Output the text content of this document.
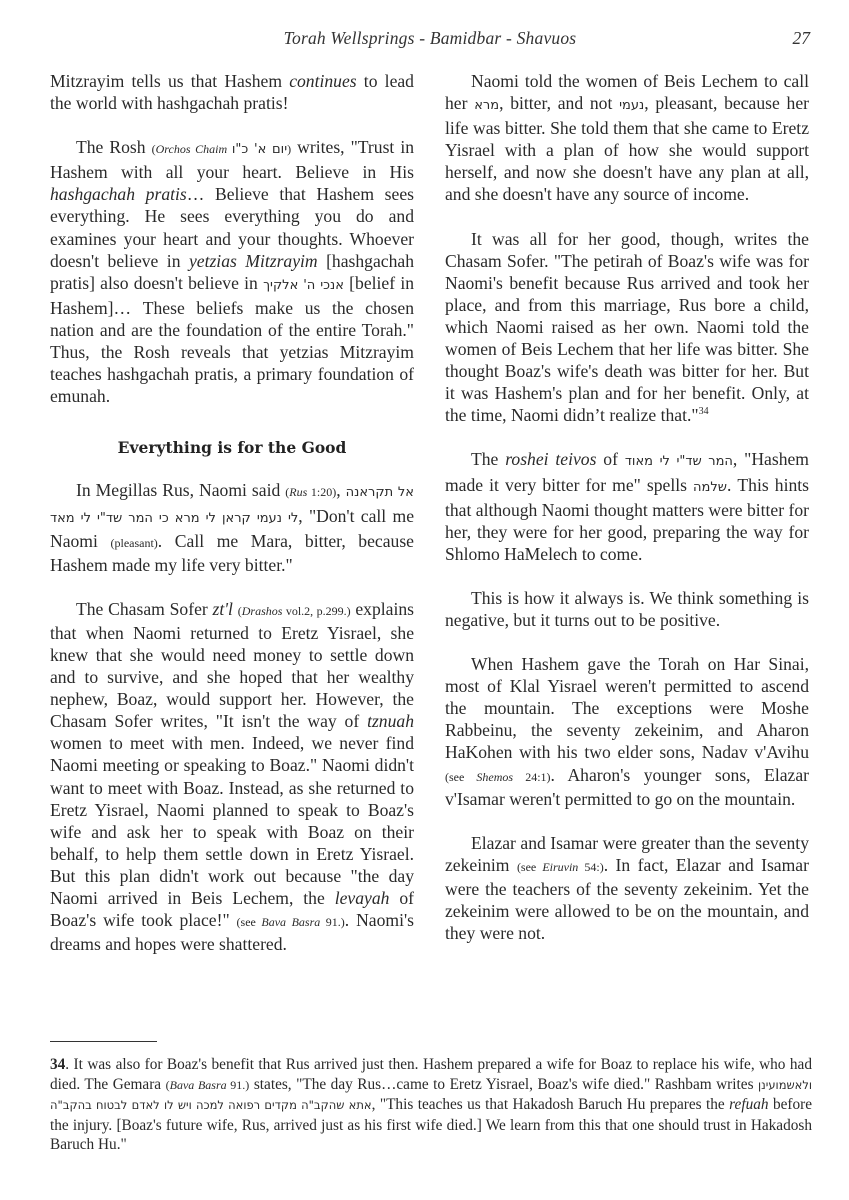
Torah Wellsprings - Bamidbar - Shavuos	27

Mitzrayim tells us that Hashem continues to lead the world with hashgachah pratis!

The Rosh (Orchos Chaim יום א' כ"ו) writes, "Trust in Hashem with all your heart. Believe in His hashgachah pratis… Believe that Hashem sees everything. He sees everything you do and examines your heart and your thoughts. Whoever doesn't believe in yetzias Mitzrayim [hashgachah pratis] also doesn't believe in אנכי ה' אלקיך [belief in Hashem]… These beliefs make us the chosen nation and are the foundation of the entire Torah." Thus, the Rosh reveals that yetzias Mitzrayim teaches hashgachah pratis, a primary foundation of emunah.

Everything is for the Good

In Megillas Rus, Naomi said (Rus 1:20), אל תקראנה לי נעמי קראן לי מרא כי המר שד"י לי מאד, "Don't call me Naomi (pleasant). Call me Mara, bitter, because Hashem made my life very bitter."

The Chasam Sofer zt'l (Drashos vol.2, p.299.) explains that when Naomi returned to Eretz Yisrael, she knew that she would need money to settle down and to survive, and she hoped that her wealthy nephew, Boaz, would support her. However, the Chasam Sofer writes, "It isn't the way of tznuah women to meet with men. Indeed, we never find Naomi meeting or speaking to Boaz." Naomi didn't want to meet with Boaz. Instead, as she returned to Eretz Yisrael, Naomi planned to speak to Boaz's wife and ask her to speak with Boaz on their behalf, to help them settle down in Eretz Yisrael. But this plan didn't work out because "the day Naomi arrived in Beis Lechem, the levayah of Boaz's wife took place!" (see Bava Basra 91.). Naomi's dreams and hopes were shattered.

Naomi told the women of Beis Lechem to call her מרא, bitter, and not נעמי, pleasant, because her life was bitter. She told them that she came to Eretz Yisrael with a plan of how she would support herself, and now she doesn't have any plan at all, and she doesn't have any source of income.

It was all for her good, though, writes the Chasam Sofer. "The petirah of Boaz's wife was for Naomi's benefit because Rus arrived and took her place, and from this marriage, Rus bore a child, which Naomi raised as her own. Naomi told the women of Beis Lechem that her life was bitter. She thought Boaz's wife's death was bitter for her. But it was Hashem's plan and for her benefit. Only, at the time, Naomi didn’t realize that."$^{34}$

The roshei teivos of המר שד"י לי מאוד, "Hashem made it very bitter for me" spells שלמה. This hints that although Naomi thought matters were bitter for her, they were for her good, preparing the way for Shlomo HaMelech to come.

This is how it always is. We think something is negative, but it turns out to be positive.

When Hashem gave the Torah on Har Sinai, most of Klal Yisrael weren't permitted to ascend the mountain. The exceptions were Moshe Rabbeinu, the seventy zekeinim, and Aharon HaKohen with his two elder sons, Nadav v'Avihu (see Shemos 24:1). Aharon's younger sons, Elazar v'Isamar weren't permitted to go on the mountain.

Elazar and Isamar were greater than the seventy zekeinim (see Eiruvin 54:). In fact, Elazar and Isamar were the teachers of the seventy zekeinim. Yet the zekeinim were allowed to be on the mountain, and they were not.

34. It was also for Boaz's benefit that Rus arrived just then. Hashem prepared a wife for Boaz to replace his wife, who had died. The Gemara (Bava Basra 91.) states, "The day Rus…came to Eretz Yisrael, Boaz's wife died." Rashbam writes ולאשמועינן אתא שהקב"ה מקדים רפואה למכה ויש לו לאדם לבטוח בהקב"ה, "This teaches us that Hakadosh Baruch Hu prepares the refuah before the injury. [Boaz's future wife, Rus, arrived just as his first wife died.] We learn from this that one should trust in Hakadosh Baruch Hu."
